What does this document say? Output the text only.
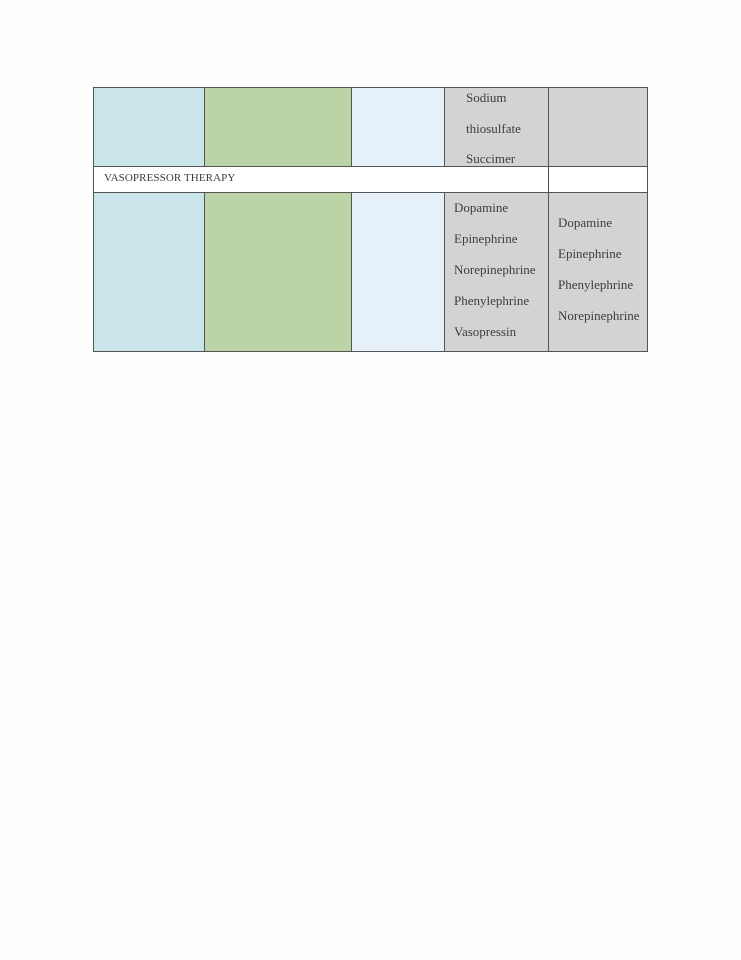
Sodium
thiosulfate
Succimer
VASOPRESSOR THERAPY
Dopamine
Epinephrine
Norepinephrine
Phenylephrine
Vasopressin
Dopamine
Epinephrine
Phenylephrine
Norepinephrine
